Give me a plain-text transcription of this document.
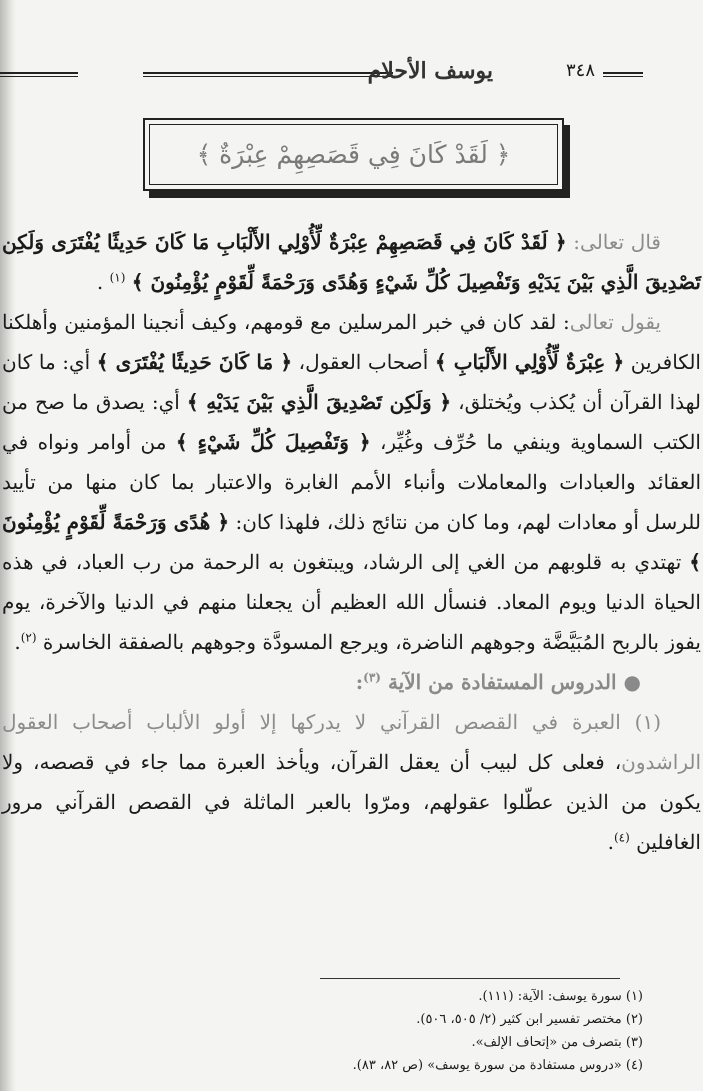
٣٤٨
يوسف الأحلام
﴿ لَقَدْ كَانَ فِي قَصَصِهِمْ عِبْرَةٌ ﴾

قال تعالى: ﴿ لَقَدْ كَانَ فِي قَصَصِهِمْ عِبْرَةٌ لِّأُوْلِي الأَلْبَابِ مَا كَانَ حَدِيثًا يُفْتَرَى وَلَكِن تَصْدِيقَ الَّذِي بَيْنَ يَدَيْهِ وَتَفْصِيلَ كُلِّ شَيْءٍ وَهُدًى وَرَحْمَةً لِّقَوْمٍ يُؤْمِنُونَ ﴾ $^{(١)}$ .

يقول تعالى: لقد كان في خبر المرسلين مع قومهم، وكيف أنجينا المؤمنين وأهلكنا الكافرين ﴿ عِبْرَةٌ لِّأُوْلِي الأَلْبَابِ ﴾ أصحاب العقول، ﴿ مَا كَانَ حَدِيثًا يُفْتَرَى ﴾ أي: ما كان لهذا القرآن أن يُكذب ويُختلق، ﴿ وَلَكِن تَصْدِيقَ الَّذِي بَيْنَ يَدَيْهِ ﴾ أي: يصدق ما صح من الكتب السماوية وينفي ما حُرِّف وغُيِّر، ﴿ وَتَفْصِيلَ كُلِّ شَيْءٍ ﴾ من أوامر ونواه في العقائد والعبادات والمعاملات وأنباء الأمم الغابرة والاعتبار بما كان منها من تأييد للرسل أو معادات لهم، وما كان من نتائج ذلك، فلهذا كان: ﴿ هُدًى وَرَحْمَةً لِّقَوْمٍ يُؤْمِنُونَ ﴾ تهتدي به قلوبهم من الغي إلى الرشاد، ويبتغون به الرحمة من رب العباد، في هذه الحياة الدنيا ويوم المعاد. فنسأل الله العظيم أن يجعلنا منهم في الدنيا والآخرة، يوم يفوز بالربح المُبَيَّضَّة وجوههم الناضرة، ويرجع المسودَّة وجوههم بالصفقة الخاسرة $^{(٢)}$.

● الدروس المستفادة من الآية $^{(٣)}$:

(١) العبرة في القصص القرآني لا يدركها إلا أولو الألباب أصحاب العقول الراشدون، فعلى كل لبيب أن يعقل القرآن، ويأخذ العبرة مما جاء في قصصه، ولا يكون من الذين عطّلوا عقولهم، ومرّوا بالعبر الماثلة في القصص القرآني مرور الغافلين $^{(٤)}$.

(١) سورة يوسف: الآية: (١١١).
(٢) مختصر تفسير ابن كثير (٢/ ٥٠٥، ٥٠٦).
(٣) بتصرف من «إتحاف الإلف».
(٤) «دروس مستفادة من سورة يوسف» (ص ٨٢، ٨٣).
